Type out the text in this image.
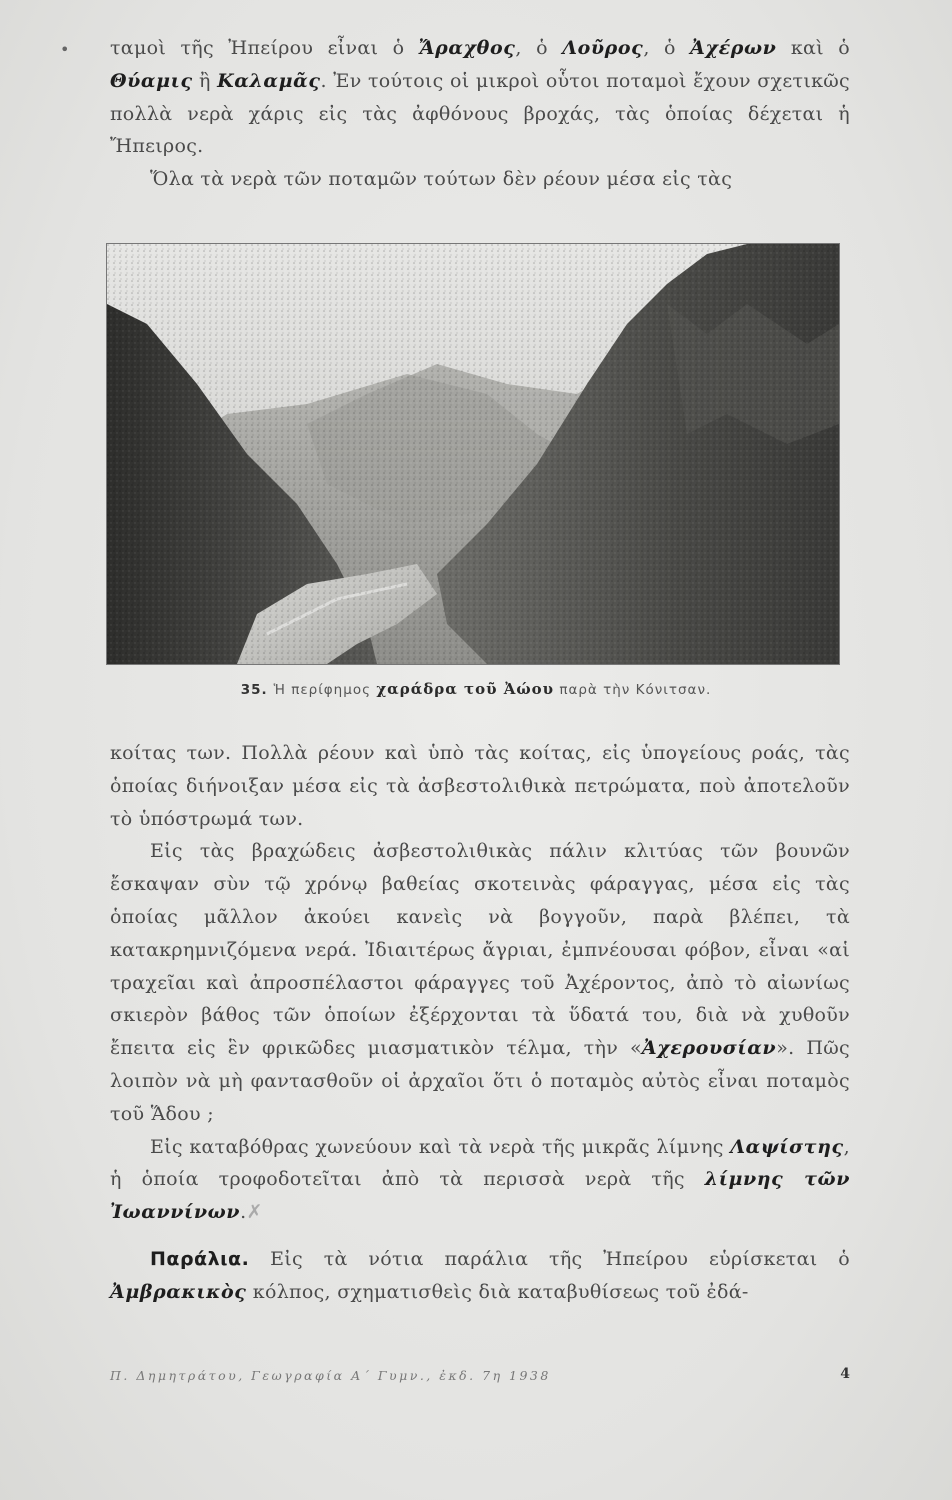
• ταμοὶ τῆς Ἠπείρου εἶναι ὁ Ἄραχθος, ὁ Λοῦρος, ὁ Ἀχέρων καὶ ὁ Θύαμις ἢ Καλαμᾶς. Ἐν τούτοις οἱ μικροὶ οὗτοι ποταμοὶ ἔχουν σχετικῶς πολλὰ νερὰ χάρις εἰς τὰς ἀφθόνους βροχάς, τὰς ὁποίας δέχεται ἡ Ἤπειρος.

Ὅλα τὰ νερὰ τῶν ποταμῶν τούτων δὲν ρέουν μέσα εἰς τὰς

35. Ἡ περίφημος χαράδρα τοῦ Ἀώου παρὰ τὴν Κόνιτσαν.

κοίτας των. Πολλὰ ρέουν καὶ ὑπὸ τὰς κοίτας, εἰς ὑπογείους ροάς, τὰς ὁποίας διήνοιξαν μέσα εἰς τὰ ἀσβεστολιθικὰ πετρώματα, ποὺ ἀποτελοῦν τὸ ὑπόστρωμά των.

Εἰς τὰς βραχώδεις ἀσβεστολιθικὰς πάλιν κλιτύας τῶν βουνῶν ἔσκαψαν σὺν τῷ χρόνῳ βαθείας σκοτεινὰς φάραγγας, μέσα εἰς τὰς ὁποίας μᾶλλον ἀκούει κανεὶς νὰ βογγοῦν, παρὰ βλέπει, τὰ κατακρημνιζόμενα νερά. Ἰδιαιτέρως ἄγριαι, ἐμπνέουσαι φόβον, εἶναι «αἱ τραχεῖαι καὶ ἀπροσπέλαστοι φάραγγες τοῦ Ἀχέροντος, ἀπὸ τὸ αἰωνίως σκιερὸν βάθος τῶν ὁποίων ἐξέρχονται τὰ ὕδατά του, διὰ νὰ χυθοῦν ἔπειτα εἰς ἓν φρικῶδες μιασματικὸν τέλμα, τὴν «Ἀχερουσίαν». Πῶς λοιπὸν νὰ μὴ φαντασθοῦν οἱ ἀρχαῖοι ὅτι ὁ ποταμὸς αὐτὸς εἶναι ποταμὸς τοῦ Ἅδου ;

Εἰς καταβόθρας χωνεύουν καὶ τὰ νερὰ τῆς μικρᾶς λίμνης Λαψίστης, ἡ ὁποία τροφοδοτεῖται ἀπὸ τὰ περισσὰ νερὰ τῆς λίμνης τῶν Ἰωαννίνων.✗

Παράλια. Εἰς τὰ νότια παράλια τῆς Ἠπείρου εὑρίσκεται ὁ Ἀμβρακικὸς κόλπος, σχηματισθεὶς διὰ καταβυθίσεως τοῦ ἐδά-

Π. Δημητράτου, Γεωγραφία Α΄ Γυμν., ἐκδ. 7η 1938	4
